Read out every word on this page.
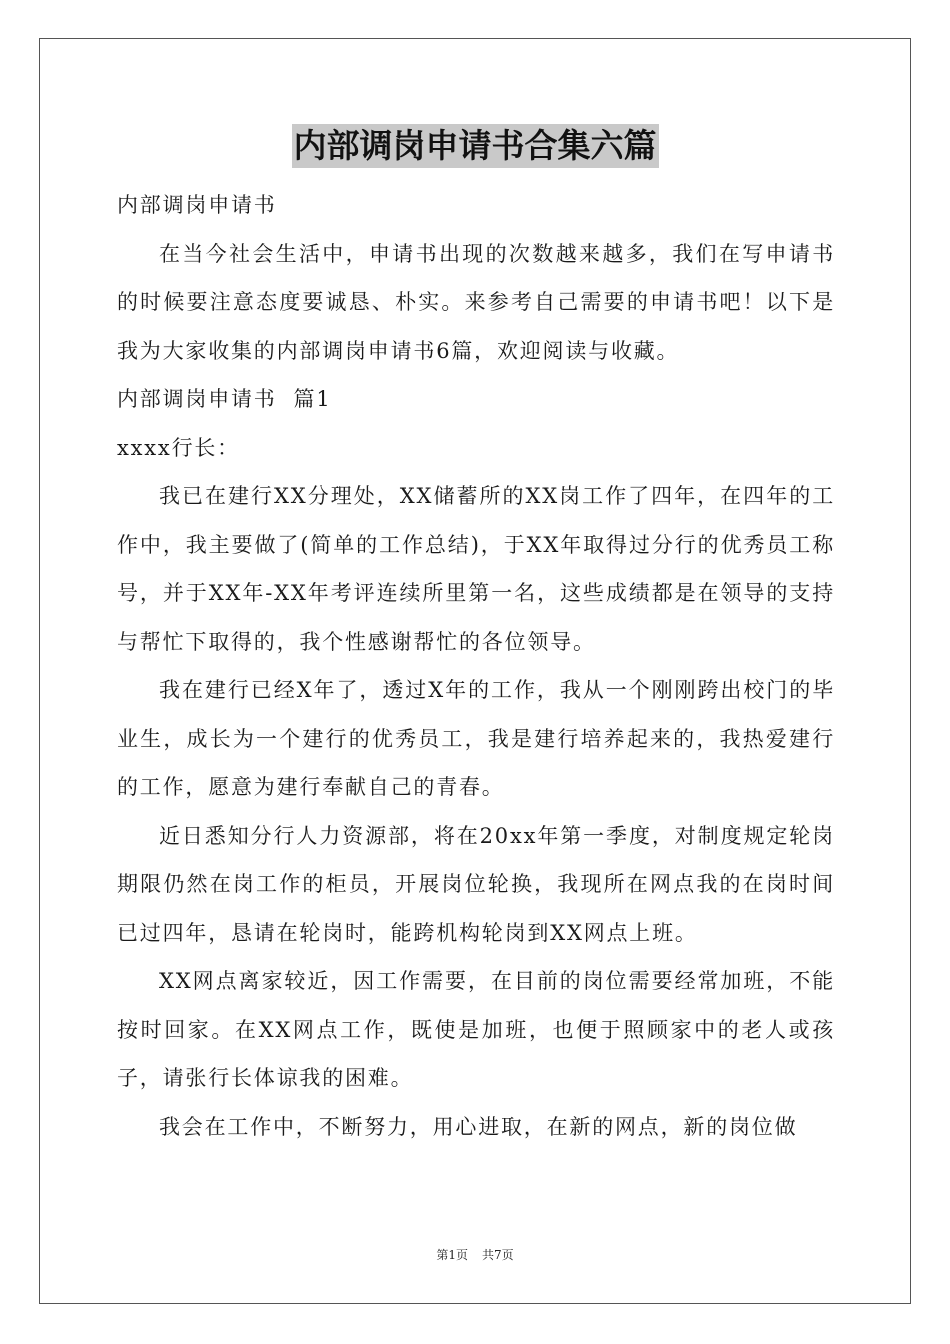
内部调岗申请书合集六篇

内部调岗申请书

在当今社会生活中，申请书出现的次数越来越多，我们在写申请书的时候要注意态度要诚恳、朴实。来参考自己需要的申请书吧！以下是我为大家收集的内部调岗申请书6篇，欢迎阅读与收藏。

内部调岗申请书  篇1

xxxx行长：

我已在建行XX分理处，XX储蓄所的XX岗工作了四年，在四年的工作中，我主要做了(简单的工作总结)，于XX年取得过分行的优秀员工称号，并于XX年-XX年考评连续所里第一名，这些成绩都是在领导的支持与帮忙下取得的，我个性感谢帮忙的各位领导。

我在建行已经X年了，透过X年的工作，我从一个刚刚跨出校门的毕业生，成长为一个建行的优秀员工，我是建行培养起来的，我热爱建行的工作，愿意为建行奉献自己的青春。

近日悉知分行人力资源部，将在20xx年第一季度，对制度规定轮岗期限仍然在岗工作的柜员，开展岗位轮换，我现所在网点我的在岗时间已过四年，恳请在轮岗时，能跨机构轮岗到XX网点上班。

XX网点离家较近，因工作需要，在目前的岗位需要经常加班，不能按时回家。在XX网点工作，既使是加班，也便于照顾家中的老人或孩子，请张行长体谅我的困难。

我会在工作中，不断努力，用心进取，在新的网点，新的岗位做

第1页 共7页
